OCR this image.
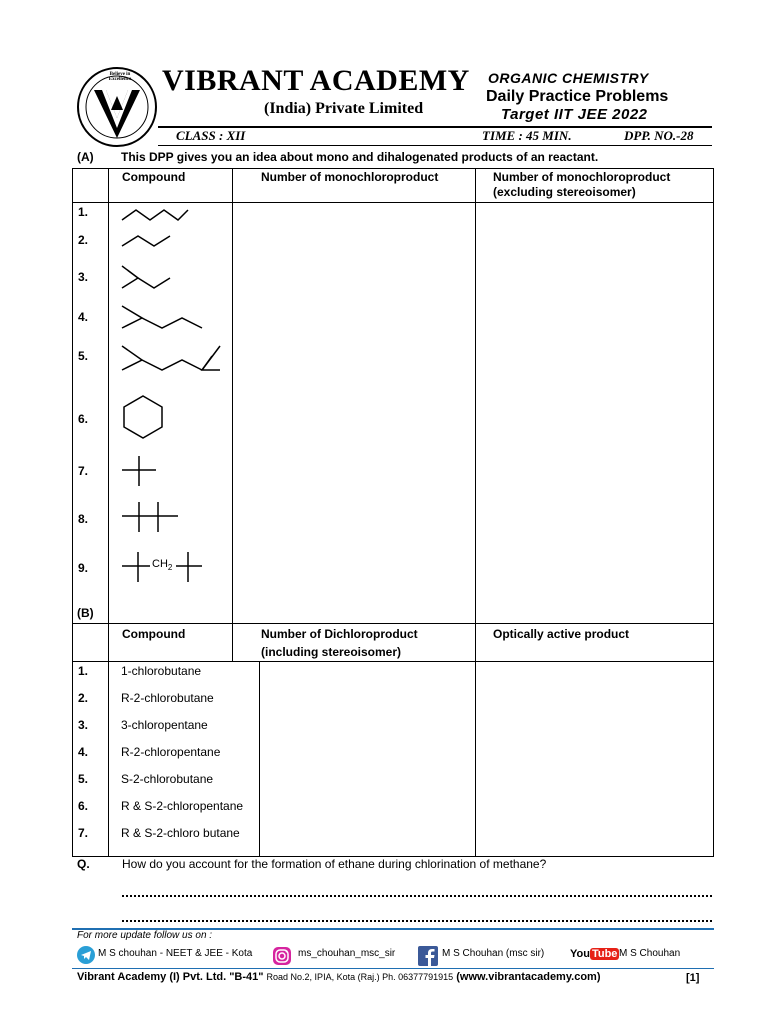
Believe in Excellence VIBRANT ACADEMY
(India) Private Limited
ORGANIC CHEMISTRY
Daily Practice Problems
Target IIT JEE 2022
CLASS : XII	TIME : 45 MIN.	DPP. NO.-28
(A) This DPP gives you an idea about mono and dihalogenated products of an reactant.
Compound	Number of monochloroproduct	Number of monochloroproduct
(excluding stereoisomer)
1.
2.
3.
4.
5.
6.
7.
8.
9.	$CH_2$
(B)
Compound	Number of Dichloroproduct
(including stereoisomer)
Optically active product
1.	1-chlorobutane
2.	R-2-chlorobutane
3.	3-chloropentane
4.	R-2-chloropentane
5.	S-2-chlorobutane
6.	R & S-2-chloropentane
7.	R & S-2-chloro butane
Q.	How do you account for the formation of ethane during chlorination of methane?
For more update follow us on :
M S chouhan - NEET & JEE - Kota	ms_chouhan_msc_sir	M S Chouhan (msc sir) You Tube M S Chouhan
Vibrant Academy (I) Pvt. Ltd. "B-41" Road No.2, IPIA, Kota (Raj.) Ph. 06377791915 (www.vibrantacademy.com)	[1]
